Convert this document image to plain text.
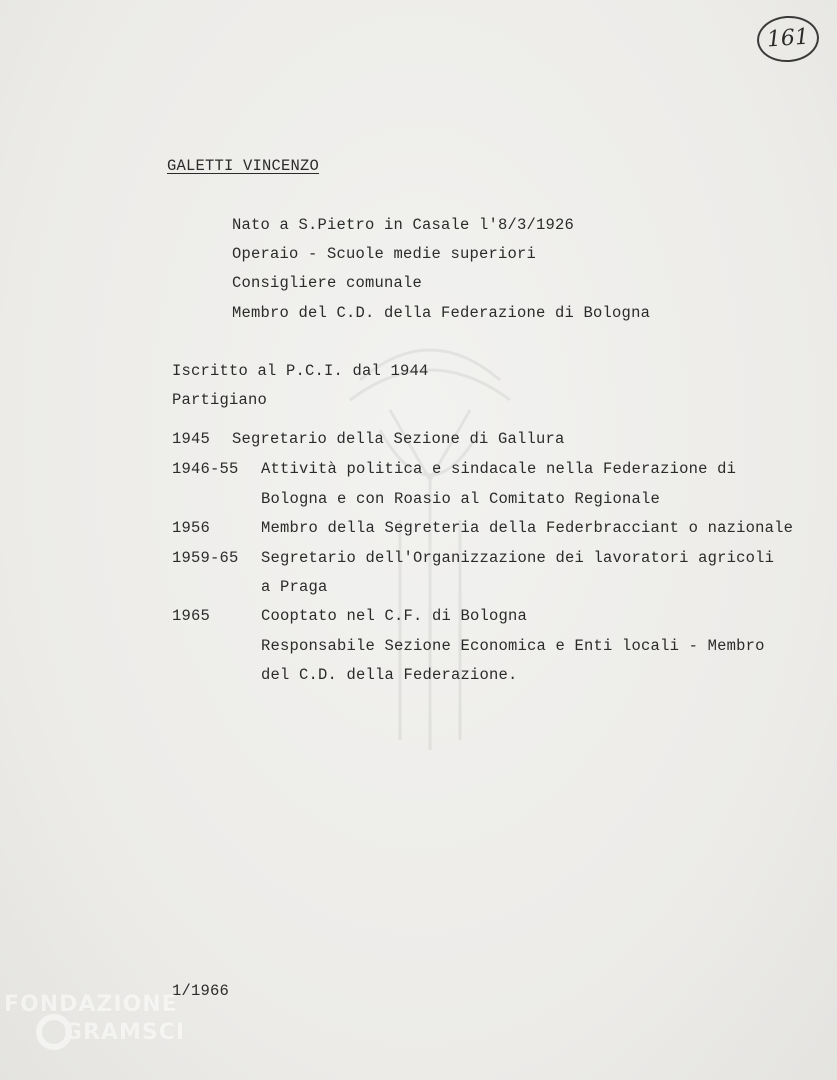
161
GALETTI VINCENZO
Nato a S.Pietro in Casale l'8/3/1926
Operaio - Scuole medie superiori
Consigliere comunale
Membro del C.D. della Federazione di Bologna
Iscritto al P.C.I. dal 1944
Partigiano
1945 Segretario della Sezione di Gallura
1946-55 Attività politica e sindacale nella Federazione di
Bologna e con Roasio al Comitato Regionale
1956	Membro della Segreteria della Federbracciant o nazionale
1959-65 Segretario dell'Organizzazione dei lavoratori agricoli
a Praga
1965	Cooptato nel C.F. di Bologna
Responsabile Sezione Economica e Enti locali - Membro
del C.D. della Federazione.
1/1966
FONDAZIONE
GRAMSCI
